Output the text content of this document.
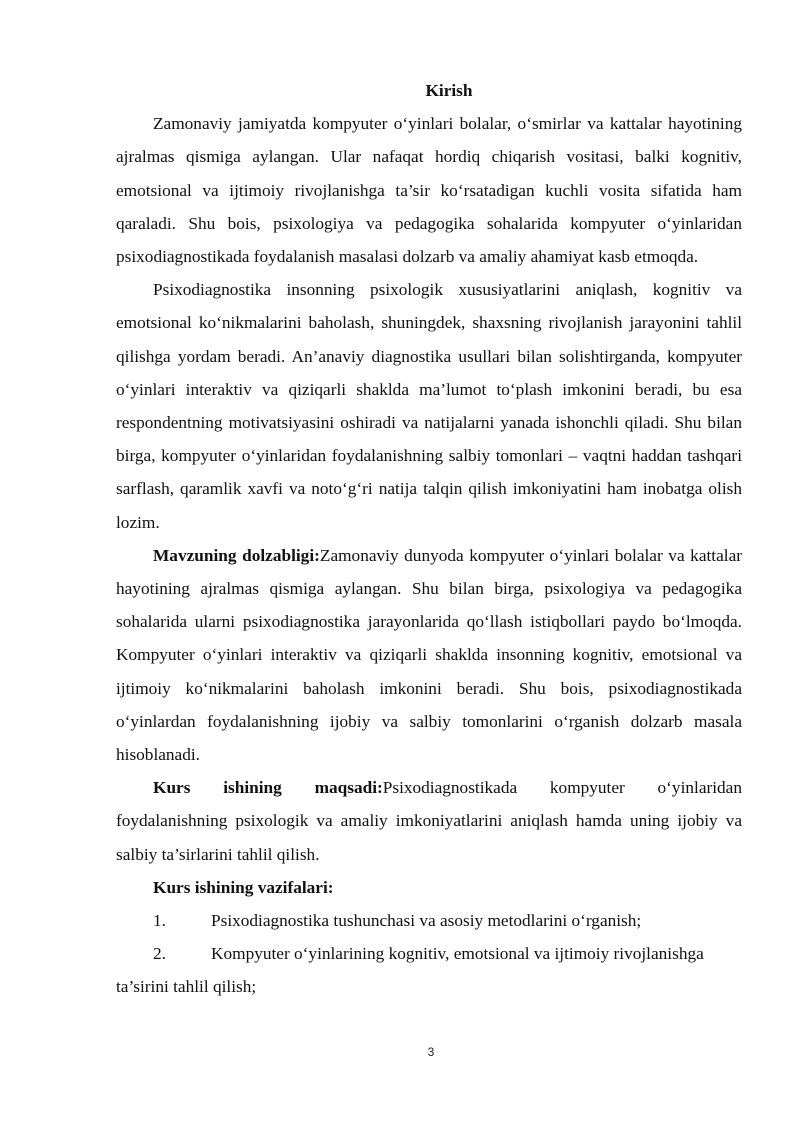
Kirish

Zamonaviy jamiyatda kompyuter o‘yinlari bolalar, o‘smirlar va kattalar hayotining ajralmas qismiga aylangan. Ular nafaqat hordiq chiqarish vositasi, balki kognitiv, emotsional va ijtimoiy rivojlanishga ta’sir ko‘rsatadigan kuchli vosita sifatida ham qaraladi. Shu bois, psixologiya va pedagogika sohalarida kompyuter o‘yinlaridan psixodiagnostikada foydalanish masalasi dolzarb va amaliy ahamiyat kasb etmoqda.

Psixodiagnostika insonning psixologik xususiyatlarini aniqlash, kognitiv va emotsional ko‘nikmalarini baholash, shuningdek, shaxsning rivojlanish jarayonini tahlil qilishga yordam beradi. An’anaviy diagnostika usullari bilan solishtirganda, kompyuter o‘yinlari interaktiv va qiziqarli shaklda ma’lumot to‘plash imkonini beradi, bu esa respondentning motivatsiyasini oshiradi va natijalarni yanada ishonchli qiladi. Shu bilan birga, kompyuter o‘yinlaridan foydalanishning salbiy tomonlari – vaqtni haddan tashqari sarflash, qaramlik xavfi va noto‘g‘ri natija talqin qilish imkoniyatini ham inobatga olish lozim.

Mavzuning dolzabligi:Zamonaviy dunyoda kompyuter o‘yinlari bolalar va kattalar hayotining ajralmas qismiga aylangan. Shu bilan birga, psixologiya va pedagogika sohalarida ularni psixodiagnostika jarayonlarida qo‘llash istiqbollari paydo bo‘lmoqda. Kompyuter o‘yinlari interaktiv va qiziqarli shaklda insonning kognitiv, emotsional va ijtimoiy ko‘nikmalarini baholash imkonini beradi. Shu bois, psixodiagnostikada o‘yinlardan foydalanishning ijobiy va salbiy tomonlarini o‘rganish dolzarb masala hisoblanadi.

Kurs ishining maqsadi:Psixodiagnostikada kompyuter o‘yinlaridan foydalanishning psixologik va amaliy imkoniyatlarini aniqlash hamda uning ijobiy va salbiy ta’sirlarini tahlil qilish.

Kurs ishining vazifalari:

1.	Psixodiagnostika tushunchasi va asosiy metodlarini o‘rganish;

2.	Kompyuter o‘yinlarining kognitiv, emotsional va ijtimoiy rivojlanishga

ta’sirini tahlil qilish;

3
